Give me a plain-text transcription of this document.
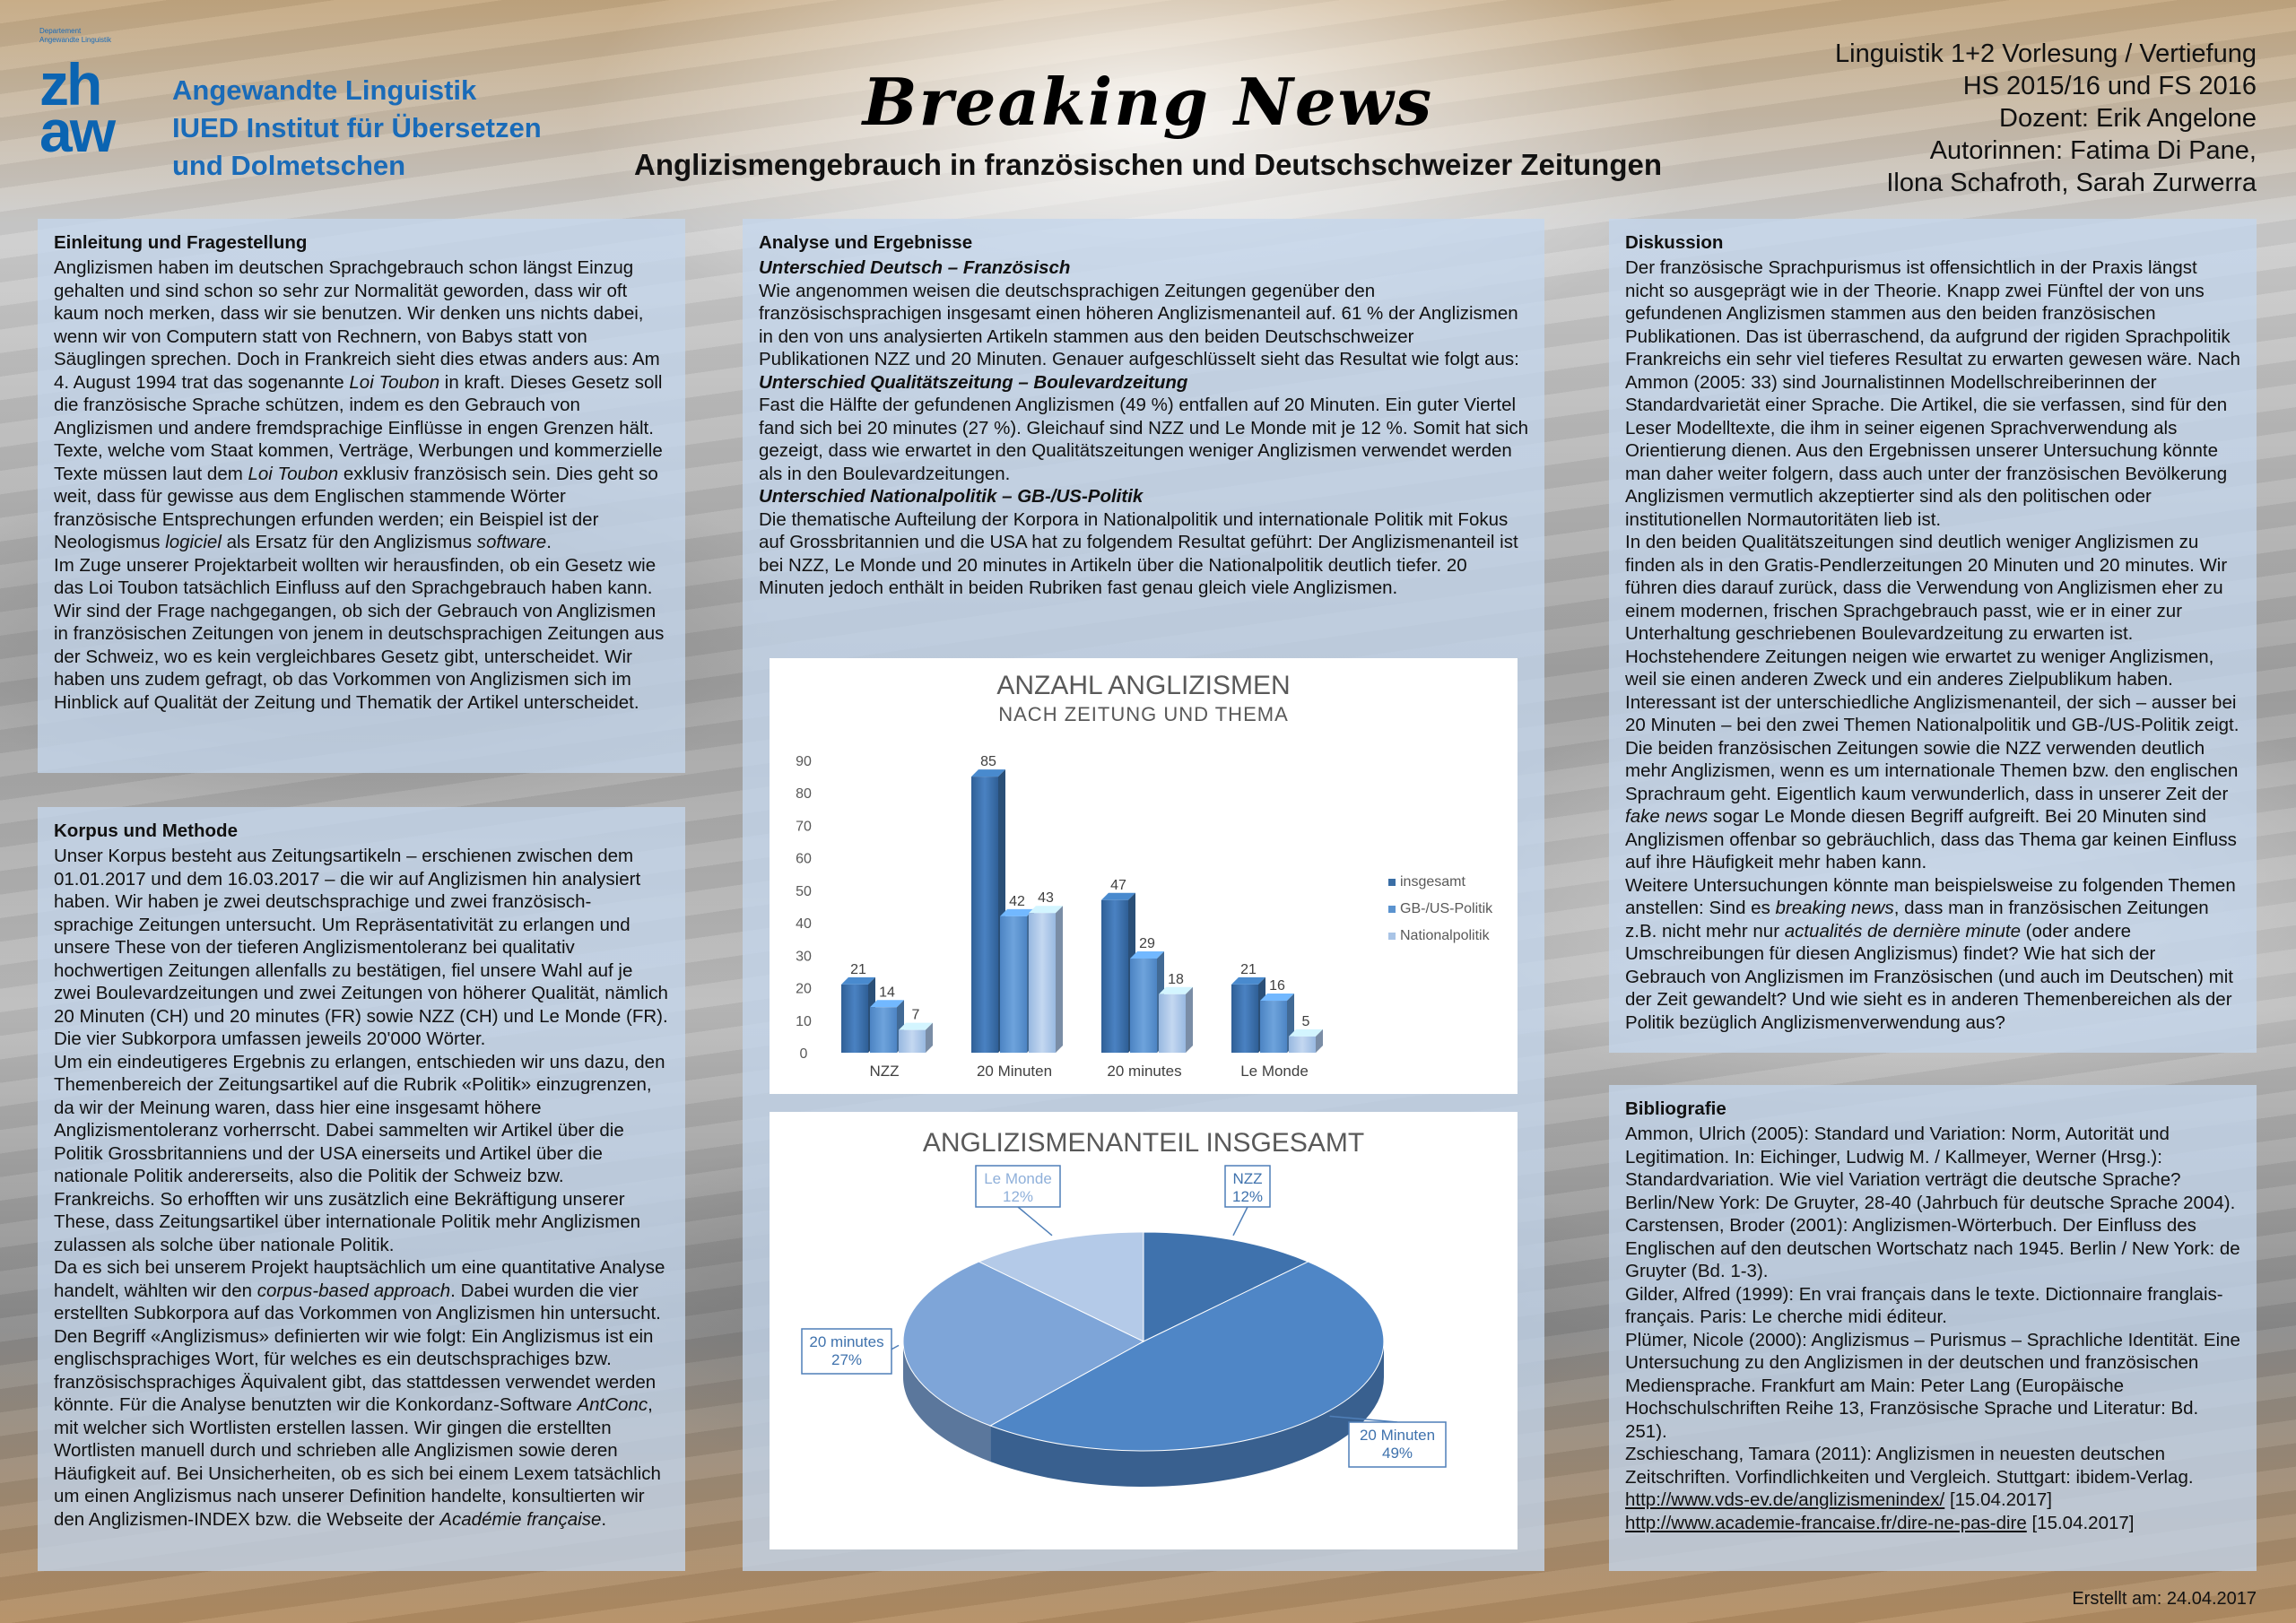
Departement
Angewandte Linguistik
zh
aw
Angewandte Linguistik
IUED Institut für Übersetzen
und Dolmetschen
Breaking News
Anglizismengebrauch in französischen und Deutschschweizer Zeitungen
Linguistik 1+2 Vorlesung / Vertiefung
HS 2015/16 und FS 2016
Dozent: Erik Angelone
Autorinnen: Fatima Di Pane,
Ilona Schafroth, Sarah Zurwerra
Einleitung und Fragestellung

Anglizismen haben im deutschen Sprachgebrauch schon längst Einzug gehalten und sind schon so sehr zur Normalität geworden, dass wir oft kaum noch merken, dass wir sie benutzen. Wir denken uns nichts dabei, wenn wir von Computern statt von Rechnern, von Babys statt von Säuglingen sprechen. Doch in Frankreich sieht dies etwas anders aus: Am 4. August 1994 trat das sogenannte Loi Toubon in kraft. Dieses Gesetz soll die französische Sprache schützen, indem es den Gebrauch von Anglizismen und andere fremdsprachige Einflüsse in engen Grenzen hält. Texte, welche vom Staat kommen, Verträge, Werbungen und kommerzielle Texte müssen laut dem Loi Toubon exklusiv französisch sein. Dies geht so weit, dass für gewisse aus dem Englischen stammende Wörter französische Entsprechungen erfunden werden; ein Beispiel ist der Neologismus logiciel als Ersatz für den Anglizismus software.

Im Zuge unserer Projektarbeit wollten wir herausfinden, ob ein Gesetz wie das Loi Toubon tatsächlich Einfluss auf den Sprachgebrauch haben kann. Wir sind der Frage nachgegangen, ob sich der Gebrauch von Anglizismen in französischen Zeitungen von jenem in deutschsprachigen Zeitungen aus der Schweiz, wo es kein vergleichbares Gesetz gibt, unterscheidet. Wir haben uns zudem gefragt, ob das Vorkommen von Anglizismen sich im Hinblick auf Qualität der Zeitung und Thematik der Artikel unterscheidet.

Korpus und Methode

Unser Korpus besteht aus Zeitungsartikeln – erschienen zwischen dem 01.01.2017 und dem 16.03.2017 – die wir auf Anglizismen hin analysiert haben. Wir haben je zwei deutschsprachige und zwei französisch-sprachige Zeitungen untersucht. Um Repräsentativität zu erlangen und unsere These von der tieferen Anglizismentoleranz bei qualitativ hochwertigen Zeitungen allenfalls zu bestätigen, fiel unsere Wahl auf je zwei Boulevardzeitungen und zwei Zeitungen von höherer Qualität, nämlich 20 Minuten (CH) und 20 minutes (FR) sowie NZZ (CH) und Le Monde (FR). Die vier Subkorpora umfassen jeweils 20'000 Wörter.

Um ein eindeutigeres Ergebnis zu erlangen, entschieden wir uns dazu, den Themenbereich der Zeitungsartikel auf die Rubrik «Politik» einzugrenzen, da wir der Meinung waren, dass hier eine insgesamt höhere Anglizismentoleranz vorherrscht. Dabei sammelten wir Artikel über die Politik Grossbritanniens und der USA einerseits und Artikel über die nationale Politik andererseits, also die Politik der Schweiz bzw. Frankreichs. So erhofften wir uns zusätzlich eine Bekräftigung unserer These, dass Zeitungsartikel über internationale Politik mehr Anglizismen zulassen als solche über nationale Politik.

Da es sich bei unserem Projekt hauptsächlich um eine quantitative Analyse handelt, wählten wir den corpus-based approach. Dabei wurden die vier erstellten Subkorpora auf das Vorkommen von Anglizismen hin untersucht. Den Begriff «Anglizismus» definierten wir wie folgt: Ein Anglizismus ist ein englischsprachiges Wort, für welches es ein deutschsprachiges bzw. französischsprachiges Äquivalent gibt, das stattdessen verwendet werden könnte. Für die Analyse benutzten wir die Konkordanz-Software AntConc, mit welcher sich Wortlisten erstellen lassen. Wir gingen die erstellten Wortlisten manuell durch und schrieben alle Anglizismen sowie deren Häufigkeit auf. Bei Unsicherheiten, ob es sich bei einem Lexem tatsächlich um einen Anglizismus nach unserer Definition handelte, konsultierten wir den Anglizismen-INDEX bzw. die Webseite der Académie française.

Analyse und Ergebnisse
Unterschied Deutsch – Französisch

Wie angenommen weisen die deutschsprachigen Zeitungen gegenüber den französischsprachigen insgesamt einen höheren Anglizismenanteil auf. 61 % der Anglizismen in den von uns analysierten Artikeln stammen aus den beiden Deutschschweizer Publikationen NZZ und 20 Minuten. Genauer aufgeschlüsselt sieht das Resultat wie folgt aus:

Unterschied Qualitätszeitung – Boulevardzeitung

Fast die Hälfte der gefundenen Anglizismen (49 %) entfallen auf 20 Minuten. Ein guter Viertel fand sich bei 20 minutes (27 %). Gleichauf sind NZZ und Le Monde mit je 12 %. Somit hat sich gezeigt, dass wie erwartet in den Qualitätszeitungen weniger Anglizismen verwendet werden als in den Boulevardzeitungen.

Unterschied Nationalpolitik – GB-/US-Politik

Die thematische Aufteilung der Korpora in Nationalpolitik und internationale Politik mit Fokus auf Grossbritannien und die USA hat zu folgendem Resultat geführt: Der Anglizismenanteil ist bei NZZ, Le Monde und 20 minutes in Artikeln über die Nationalpolitik deutlich tiefer. 20 Minuten jedoch enthält in beiden Rubriken fast genau gleich viele Anglizismen.

ANZAHL ANGLIZISMEN
NACH ZEITUNG UND THEMA
0
10
20
30
40
50
60
70
80
90
21
14
7
85
42 43
47
29
18
21
16
5
NZZ	20 Minuten	20 minutes	Le Monde
insgesamt
GB-/US-Politik
Nationalpolitik
ANGLIZISMENANTEIL INSGESAMT
NZZ
12%
20 Minuten
49%
20 minutes
27%
Le Monde
12%
Diskussion

Der französische Sprachpurismus ist offensichtlich in der Praxis längst nicht so ausgeprägt wie in der Theorie. Knapp zwei Fünftel der von uns gefundenen Anglizismen stammen aus den beiden französischen Publikationen. Das ist überraschend, da aufgrund der rigiden Sprachpolitik Frankreichs ein sehr viel tieferes Resultat zu erwarten gewesen wäre. Nach Ammon (2005: 33) sind Journalistinnen Modellschreiberinnen der Standardvarietät einer Sprache. Die Artikel, die sie verfassen, sind für den Leser Modelltexte, die ihm in seiner eigenen Sprachverwendung als Orientierung dienen. Aus den Ergebnissen unserer Untersuchung könnte man daher weiter folgern, dass auch unter der französischen Bevölkerung Anglizismen vermutlich akzeptierter sind als den politischen oder institutionellen Normautoritäten lieb ist.

In den beiden Qualitätszeitungen sind deutlich weniger Anglizismen zu finden als in den Gratis-Pendlerzeitungen 20 Minuten und 20 minutes. Wir führen dies darauf zurück, dass die Verwendung von Anglizismen eher zu einem modernen, frischen Sprachgebrauch passt, wie er in einer zur Unterhaltung geschriebenen Boulevardzeitung zu erwarten ist. Hochstehendere Zeitungen neigen wie erwartet zu weniger Anglizismen, weil sie einen anderen Zweck und ein anderes Zielpublikum haben.

Interessant ist der unterschiedliche Anglizismenanteil, der sich – ausser bei 20 Minuten – bei den zwei Themen Nationalpolitik und GB-/US-Politik zeigt. Die beiden französischen Zeitungen sowie die NZZ verwenden deutlich mehr Anglizismen, wenn es um internationale Themen bzw. den englischen Sprachraum geht. Eigentlich kaum verwunderlich, dass in unserer Zeit der fake news sogar Le Monde diesen Begriff aufgreift. Bei 20 Minuten sind Anglizismen offenbar so gebräuchlich, dass das Thema gar keinen Einfluss auf ihre Häufigkeit mehr haben kann.

Weitere Untersuchungen könnte man beispielsweise zu folgenden Themen anstellen: Sind es breaking news, dass man in französischen Zeitungen z.B. nicht mehr nur actualités de dernière minute (oder andere Umschreibungen für diesen Anglizismus) findet? Wie hat sich der Gebrauch von Anglizismen im Französischen (und auch im Deutschen) mit der Zeit gewandelt? Und wie sieht es in anderen Themenbereichen als der Politik bezüglich Anglizismenverwendung aus?

Bibliografie

Ammon, Ulrich (2005): Standard und Variation: Norm, Autorität und Legitimation. In: Eichinger, Ludwig M. / Kallmeyer, Werner (Hrsg.): Standardvariation. Wie viel Variation verträgt die deutsche Sprache? Berlin/New York: De Gruyter, 28-40 (Jahrbuch für deutsche Sprache 2004).

Carstensen, Broder (2001): Anglizismen-Wörterbuch. Der Einfluss des Englischen auf den deutschen Wortschatz nach 1945. Berlin / New York: de Gruyter (Bd. 1-3).

Gilder, Alfred (1999): En vrai français dans le texte. Dictionnaire franglais-français. Paris: Le cherche midi éditeur.

Plümer, Nicole (2000): Anglizismus – Purismus – Sprachliche Identität. Eine Untersuchung zu den Anglizismen in der deutschen und französischen Mediensprache. Frankfurt am Main: Peter Lang (Europäische Hochschulschriften Reihe 13, Französische Sprache und Literatur: Bd. 251).

Zschieschang, Tamara (2011): Anglizismen in neuesten deutschen Zeitschriften. Vorfindlichkeiten und Vergleich. Stuttgart: ibidem-Verlag.

http://www.vds-ev.de/anglizismenindex/ [15.04.2017]

http://www.academie-francaise.fr/dire-ne-pas-dire [15.04.2017]

Erstellt am: 24.04.2017
